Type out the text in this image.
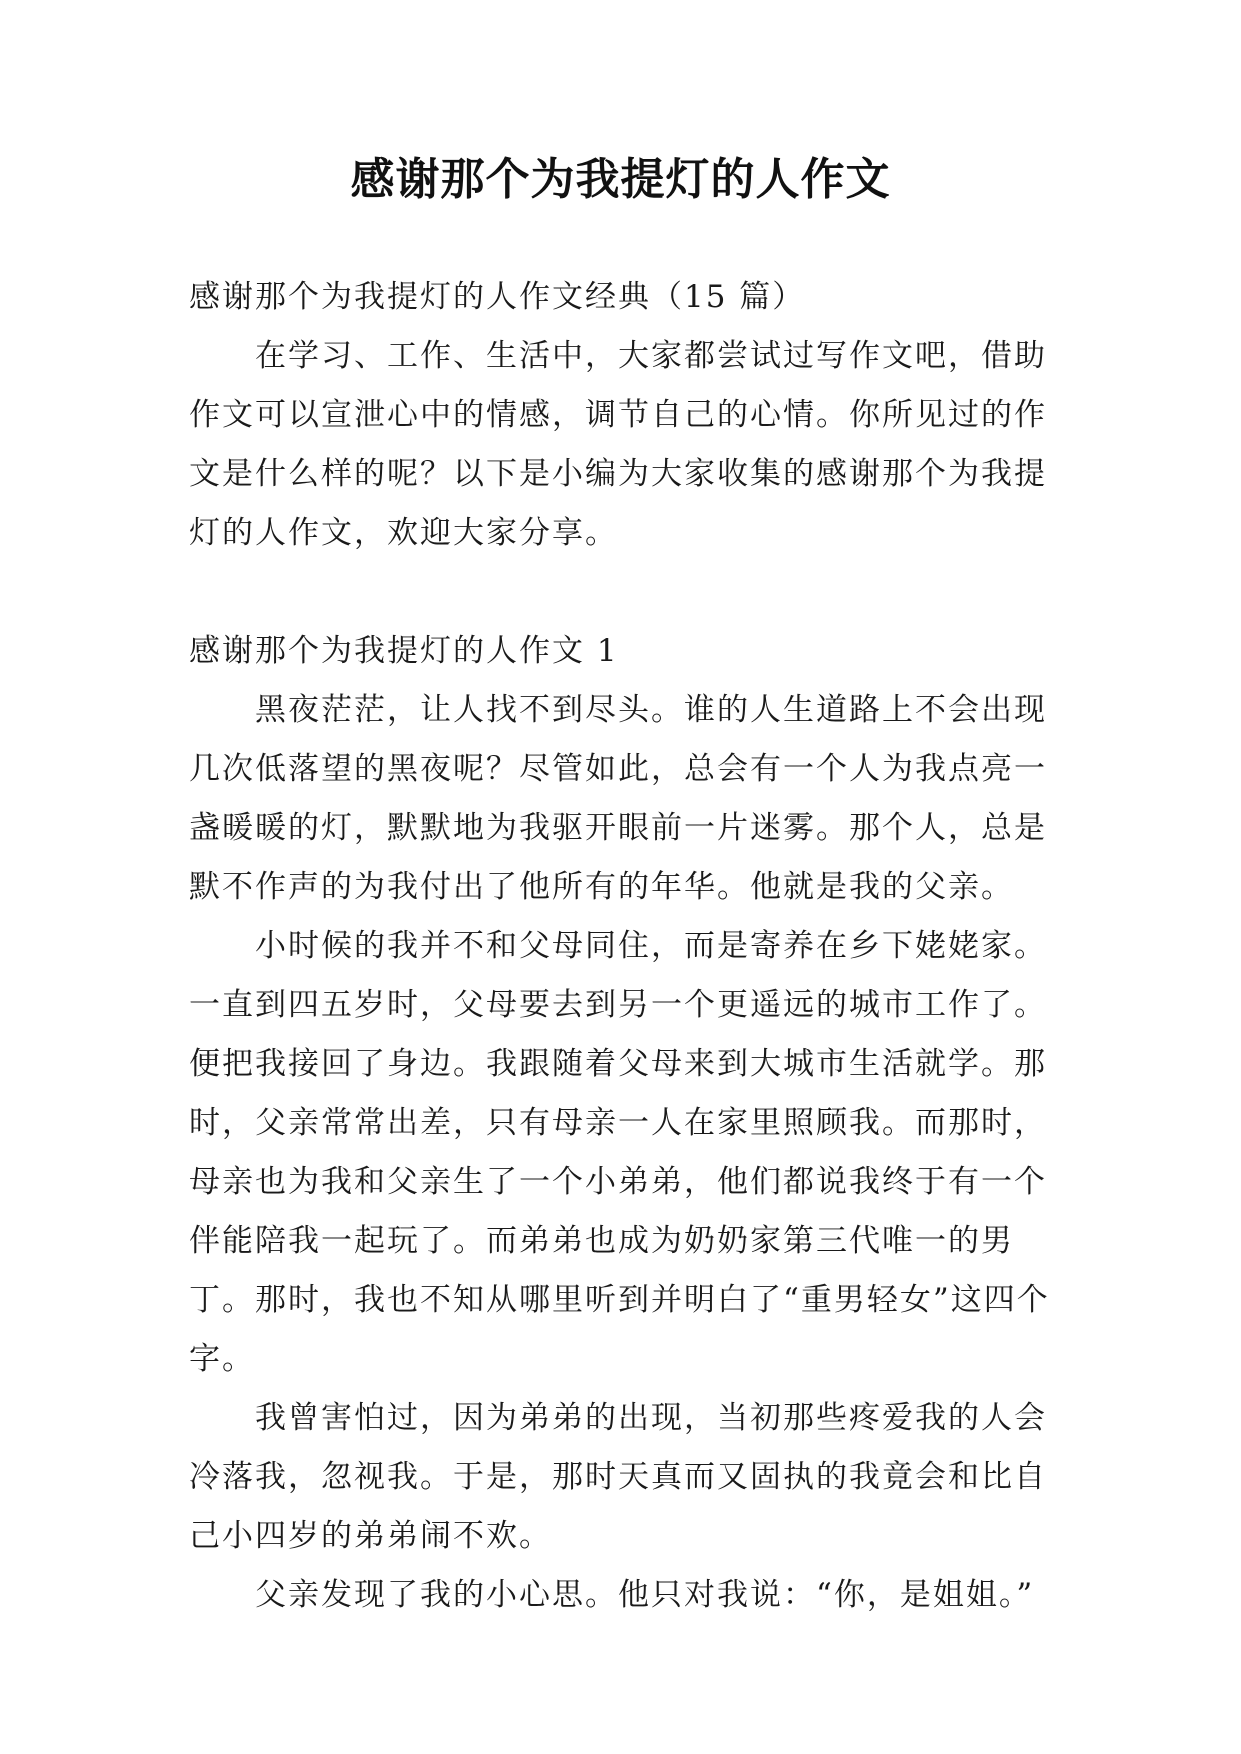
感谢那个为我提灯的人作文

感谢那个为我提灯的人作文经典（15 篇）

在学习、工作、生活中，大家都尝试过写作文吧，借助作文可以宣泄心中的情感，调节自己的心情。你所见过的作文是什么样的呢？以下是小编为大家收集的感谢那个为我提灯的人作文，欢迎大家分享。

感谢那个为我提灯的人作文 1

黑夜茫茫，让人找不到尽头。谁的人生道路上不会出现几次低落望的黑夜呢？尽管如此，总会有一个人为我点亮一盏暖暖的灯，默默地为我驱开眼前一片迷雾。那个人，总是默不作声的为我付出了他所有的年华。他就是我的父亲。

小时候的我并不和父母同住，而是寄养在乡下姥姥家。一直到四五岁时，父母要去到另一个更遥远的城市工作了。便把我接回了身边。我跟随着父母来到大城市生活就学。那时，父亲常常出差，只有母亲一人在家里照顾我。而那时，母亲也为我和父亲生了一个小弟弟，他们都说我终于有一个伴能陪我一起玩了。而弟弟也成为奶奶家第三代唯一的男丁。那时，我也不知从哪里听到并明白了“重男轻女”这四个字。

我曾害怕过，因为弟弟的出现，当初那些疼爱我的人会冷落我，忽视我。于是，那时天真而又固执的我竟会和比自己小四岁的弟弟闹不欢。

父亲发现了我的小心思。他只对我说：“你，是姐姐。”
